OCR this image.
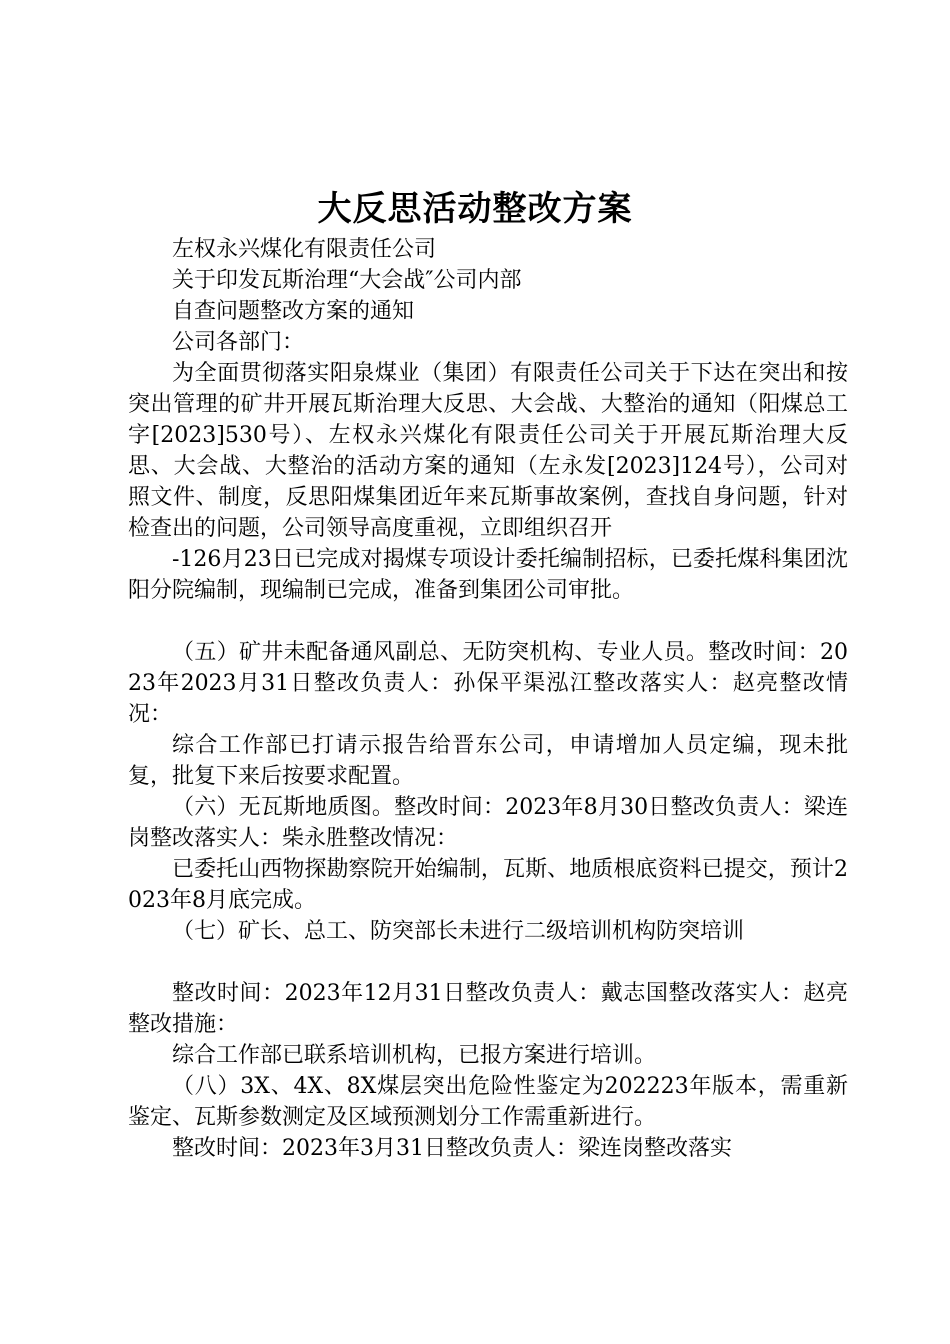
大反思活动整改方案

左权永兴煤化有限责任公司

关于印发瓦斯治理“大会战″公司内部

自查问题整改方案的通知

公司各部门：

为全面贯彻落实阳泉煤业（集团）有限责任公司关于下达在突出和按突出管理的矿井开展瓦斯治理大反思、大会战、大整治的通知（阳煤总工字[2023]530号）、左权永兴煤化有限责任公司关于开展瓦斯治理大反思、大会战、大整治的活动方案的通知（左永发[2023]124号），公司对照文件、制度，反思阳煤集团近年来瓦斯事故案例，查找自身问题，针对检查出的问题，公司领导高度重视，立即组织召开

-126月23日已完成对揭煤专项设计委托编制招标，已委托煤科集团沈阳分院编制，现编制已完成，准备到集团公司审批。

（五）矿井未配备通风副总、无防突机构、专业人员。整改时间：2023年2023月31日整改负责人：孙保平渠泓江整改落实人：赵亮整改情况：

综合工作部已打请示报告给晋东公司，申请增加人员定编，现未批复，批复下来后按要求配置。

（六）无瓦斯地质图。整改时间：2023年8月30日整改负责人：梁连岗整改落实人：柴永胜整改情况：

已委托山西物探勘察院开始编制，瓦斯、地质根底资料已提交，预计2023年8月底完成。

（七）矿长、总工、防突部长未进行二级培训机构防突培训

整改时间：2023年12月31日整改负责人：戴志国整改落实人：赵亮整改措施：

综合工作部已联系培训机构，已报方案进行培训。

（八）3X、4X、8X煤层突出危险性鉴定为202223年版本，需重新鉴定、瓦斯参数测定及区域预测划分工作需重新进行。

整改时间：2023年3月31日整改负责人：梁连岗整改落实
